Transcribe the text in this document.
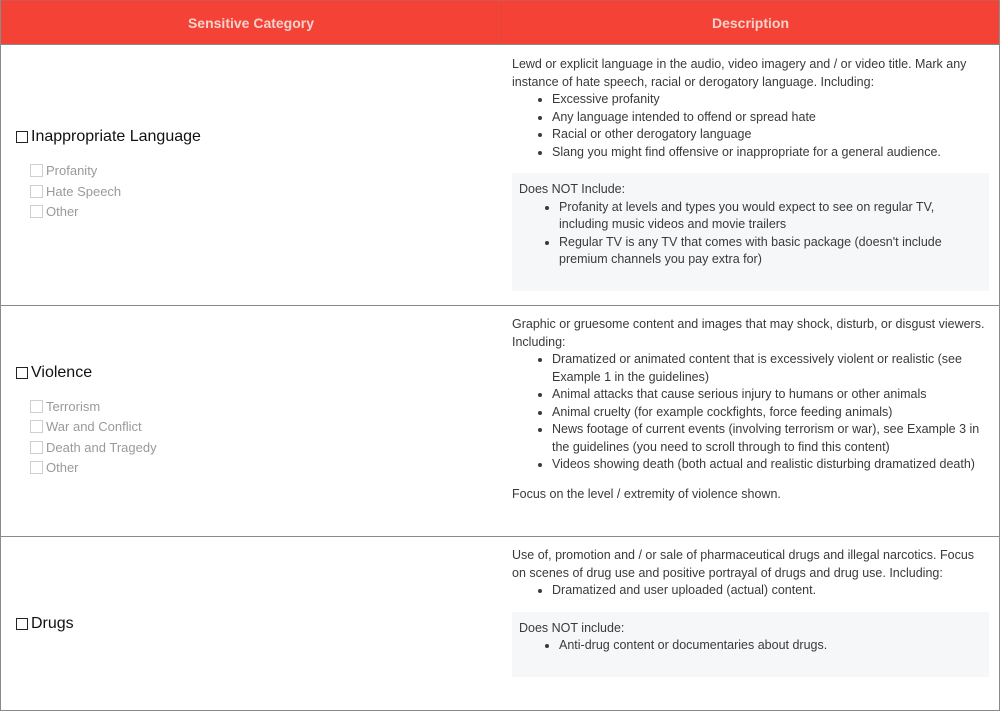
Sensitive Category	Description
Inappropriate Language
Profanity
Hate Speech
Other
Lewd or explicit language in the audio, video imagery and / or video title. Mark any instance of hate speech, racial or derogatory language. Including:
• Excessive profanity
• Any language intended to offend or spread hate
• Racial or other derogatory language
• Slang you might find offensive or inappropriate for a general audience.
Does NOT Include:
• Profanity at levels and types you would expect to see on regular TV, including music videos and movie trailers
• Regular TV is any TV that comes with basic package (doesn't include premium channels you pay extra for)
Violence
Terrorism
War and Conflict
Death and Tragedy
Other
Graphic or gruesome content and images that may shock, disturb, or disgust viewers. Including:
• Dramatized or animated content that is excessively violent or realistic (see Example 1 in the guidelines)
• Animal attacks that cause serious injury to humans or other animals
• Animal cruelty (for example cockfights, force feeding animals)
• News footage of current events (involving terrorism or war), see Example 3 in the guidelines (you need to scroll through to find this content)
• Videos showing death (both actual and realistic disturbing dramatized death)
Focus on the level / extremity of violence shown.
Drugs
Use of, promotion and / or sale of pharmaceutical drugs and illegal narcotics. Focus on scenes of drug use and positive portrayal of drugs and drug use. Including:
• Dramatized and user uploaded (actual) content.
Does NOT include:
• Anti-drug content or documentaries about drugs.
